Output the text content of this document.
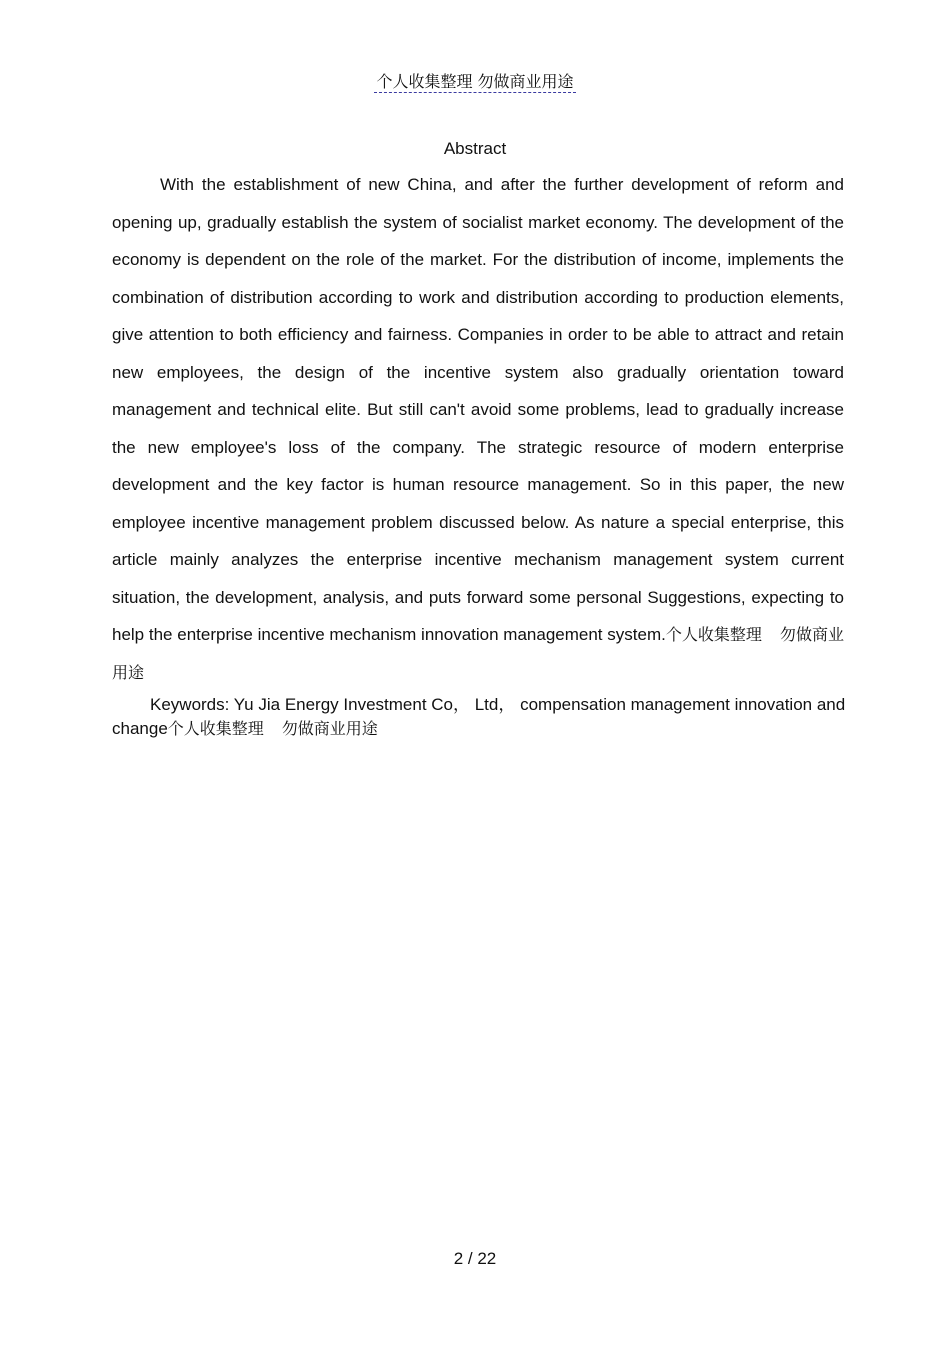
个人收集整理 勿做商业用途
Abstract

With the establishment of new China, and after the further development of reform and opening up, gradually establish the system of socialist market economy. The development of the economy is dependent on the role of the market. For the distribution of income, implements the combination of distribution according to work and distribution according to production elements, give attention to both efficiency and fairness. Companies in order to be able to attract and retain new employees, the design of the incentive system also gradually orientation toward management and technical elite. But still can't avoid some problems, lead to gradually increase the new employee's loss of the company. The strategic resource of modern enterprise development and the key factor is human resource management. So in this paper, the new employee incentive management problem discussed below. As nature a special enterprise, this article mainly analyzes the enterprise incentive mechanism management system current situation, the development, analysis, and puts forward some personal Suggestions, expecting to help the enterprise incentive mechanism innovation management system.个人收集整理 勿做商业用途

Keywords: Yu Jia Energy Investment Co， Ltd， compensation management innovation and change个人收集整理 勿做商业用途

2 / 22
